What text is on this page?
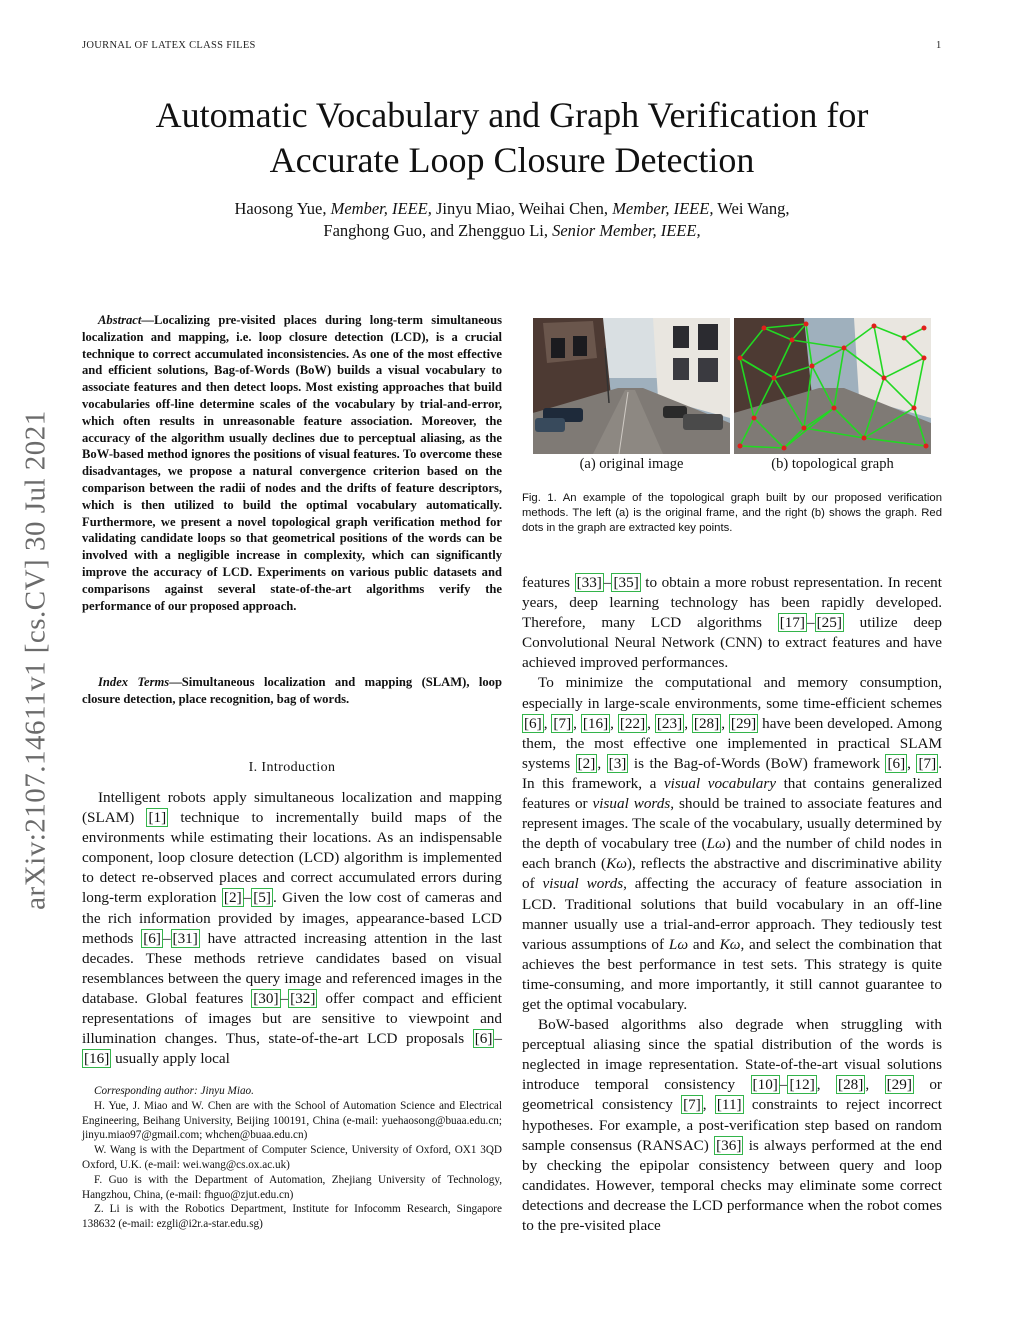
JOURNAL OF LATEX CLASS FILES	1
arXiv:2107.14611v1 [cs.CV] 30 Jul 2021
Automatic Vocabulary and Graph Verification for
Accurate Loop Closure Detection
Haosong Yue, Member, IEEE, Jinyu Miao, Weihai Chen, Member, IEEE, Wei Wang,
Fanghong Guo, and Zhengguo Li, Senior Member, IEEE,

Abstract—Localizing pre-visited places during long-term simultaneous localization and mapping, i.e. loop closure detection (LCD), is a crucial technique to correct accumulated inconsistencies. As one of the most effective and efficient solutions, Bag-of-Words (BoW) builds a visual vocabulary to associate features and then detect loops. Most existing approaches that build vocabularies off-line determine scales of the vocabulary by trial-and-error, which often results in unreasonable feature association. Moreover, the accuracy of the algorithm usually declines due to perceptual aliasing, as the BoW-based method ignores the positions of visual features. To overcome these disadvantages, we propose a natural convergence criterion based on the comparison between the radii of nodes and the drifts of feature descriptors, which is then utilized to build the optimal vocabulary automatically. Furthermore, we present a novel topological graph verification method for validating candidate loops so that geometrical positions of the words can be involved with a negligible increase in complexity, which can significantly improve the accuracy of LCD. Experiments on various public datasets and comparisons against several state-of-the-art algorithms verify the performance of our proposed approach.

Index Terms—Simultaneous localization and mapping (SLAM), loop closure detection, place recognition, bag of words.
I. Introduction

Intelligent robots apply simultaneous localization and mapping (SLAM) [1] technique to incrementally build maps of the environments while estimating their locations. As an indispensable component, loop closure detection (LCD) algorithm is implemented to detect re-observed places and correct accumulated errors during long-term exploration [2] – [5] . Given the low cost of cameras and the rich information provided by images, appearance-based LCD methods [6] – [31] have attracted increasing attention in the last decades. These methods retrieve candidates based on visual resemblances between the query image and referenced images in the database. Global features [30] – [32] offer compact and efficient representations of images but are sensitive to viewpoint and illumination changes. Thus, state-of-the-art LCD proposals [6] –[16] usually apply local

Corresponding author: Jinyu Miao.

H. Yue, J. Miao and W. Chen are with the School of Automation Science and Electrical Engineering, Beihang University, Beijing 100191, China (e-mail: yuehaosong@buaa.edu.cn; jinyu.miao97@gmail.com; whchen@buaa.edu.cn)

W. Wang is with the Department of Computer Science, University of Oxford, OX1 3QD Oxford, U.K. (e-mail: wei.wang@cs.ox.ac.uk)

F. Guo is with the Department of Automation, Zhejiang University of Technology, Hangzhou, China, (e-mail: fhguo@zjut.edu.cn)

Z. Li is with the Robotics Department, Institute for Infocomm Research, Singapore 138632 (e-mail: ezgli@i2r.a-star.edu.sg)

(a) original image	(b) topological graph
Fig. 1. An example of the topological graph built by our proposed verification methods. The left (a) is the original frame, and the right (b) shows the graph. Red dots in the graph are extracted key points.

features [33] – [35] to obtain a more robust representation. In recent years, deep learning technology has been rapidly developed. Therefore, many LCD algorithms [17] – [25] utilize deep Convolutional Neural Network (CNN) to extract features and have achieved improved performances.

To minimize the computational and memory consumption, especially in large-scale environments, some time-efficient schemes [6] , [7] , [16] , [22] , [23] , [28] , [29] have been developed. Among them, the most effective one implemented in practical SLAM systems [2] , [3] is the Bag-of-Words (BoW) framework [6] , [7] . In this framework, a visual vocabulary that contains generalized features or visual words, should be trained to associate features and represent images. The scale of the vocabulary, usually determined by the depth of vocabulary tree (Lω) and the number of child nodes in each branch (Kω), reflects the abstractive and discriminative ability of visual words, affecting the accuracy of feature association in LCD. Traditional solutions that build vocabulary in an off-line manner usually use a trial-and-error approach. They tediously test various assumptions of Lω and Kω, and select the combination that achieves the best performance in test sets. This strategy is quite time-consuming, and more importantly, it still cannot guarantee to get the optimal vocabulary.

BoW-based algorithms also degrade when struggling with perceptual aliasing since the spatial distribution of the words is neglected in image representation. State-of-the-art visual solutions introduce temporal consistency [10] – [12] , [28] , [29] or geometrical consistency [7] , [11] constraints to reject incorrect hypotheses. For example, a post-verification step based on random sample consensus (RANSAC) [36] is always performed at the end by checking the epipolar consistency between query and loop candidates. However, temporal checks may eliminate some correct detections and decrease the LCD performance when the robot comes to the pre-visited place
